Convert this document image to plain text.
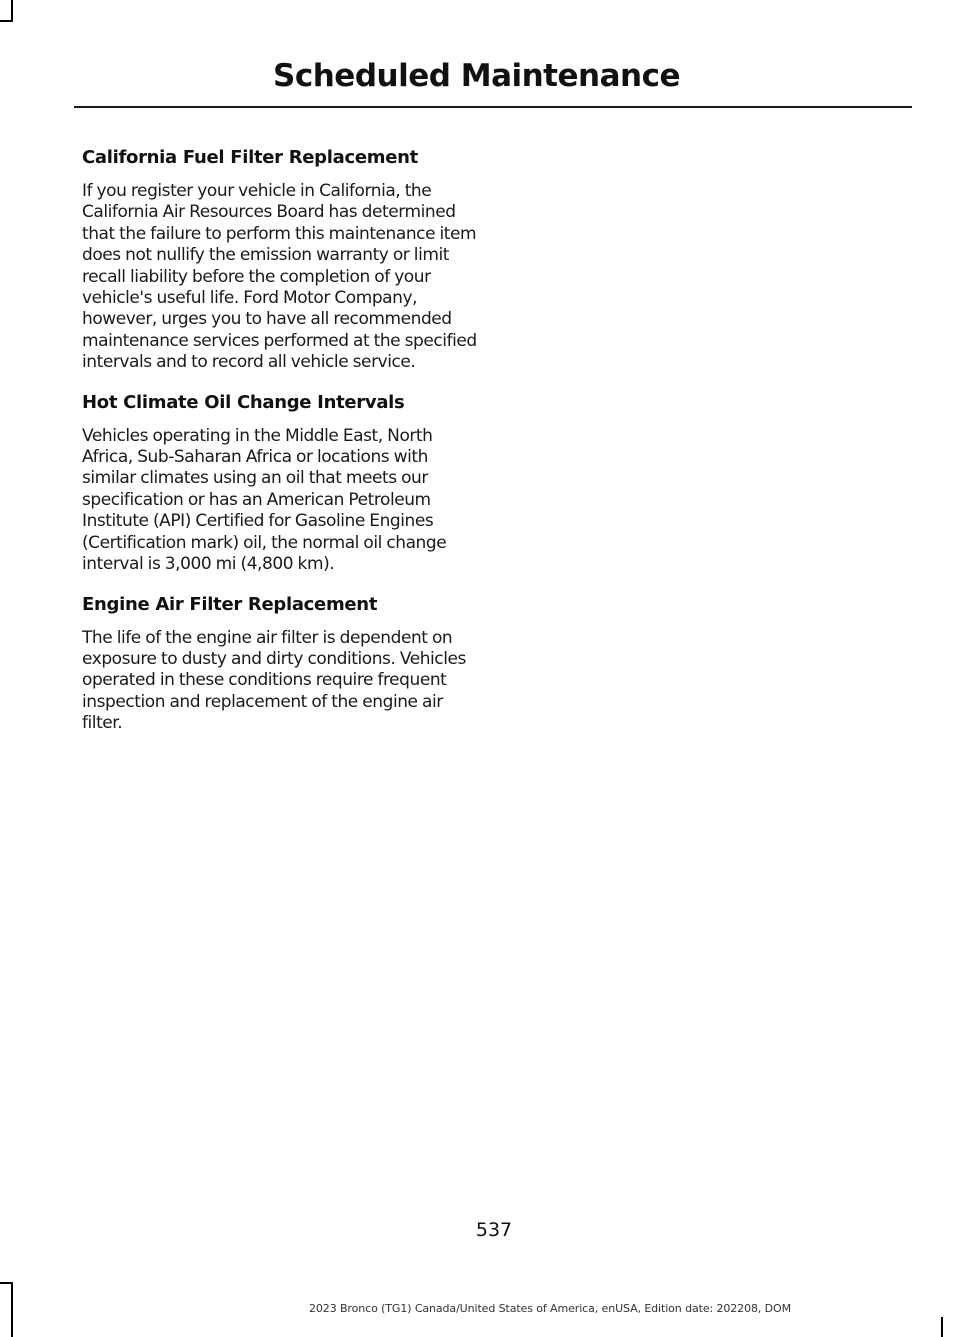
Scheduled Maintenance
California Fuel Filter Replacement

If you register your vehicle in California, the California Air Resources Board has determined that the failure to perform this maintenance item does not nullify the emission warranty or limit recall liability before the completion of your vehicle's useful life. Ford Motor Company, however, urges you to have all recommended maintenance services performed at the specified intervals and to record all vehicle service.

Hot Climate Oil Change Intervals

Vehicles operating in the Middle East, North Africa, Sub-Saharan Africa or locations with similar climates using an oil that meets our specification or has an American Petroleum Institute (API) Certified for Gasoline Engines (Certification mark) oil, the normal oil change interval is 3,000 mi (4,800 km).

Engine Air Filter Replacement

The life of the engine air filter is dependent on exposure to dusty and dirty conditions. Vehicles operated in these conditions require frequent inspection and replacement of the engine air filter.

537
2023 Bronco (TG1) Canada/United States of America, enUSA, Edition date: 202208, DOM
